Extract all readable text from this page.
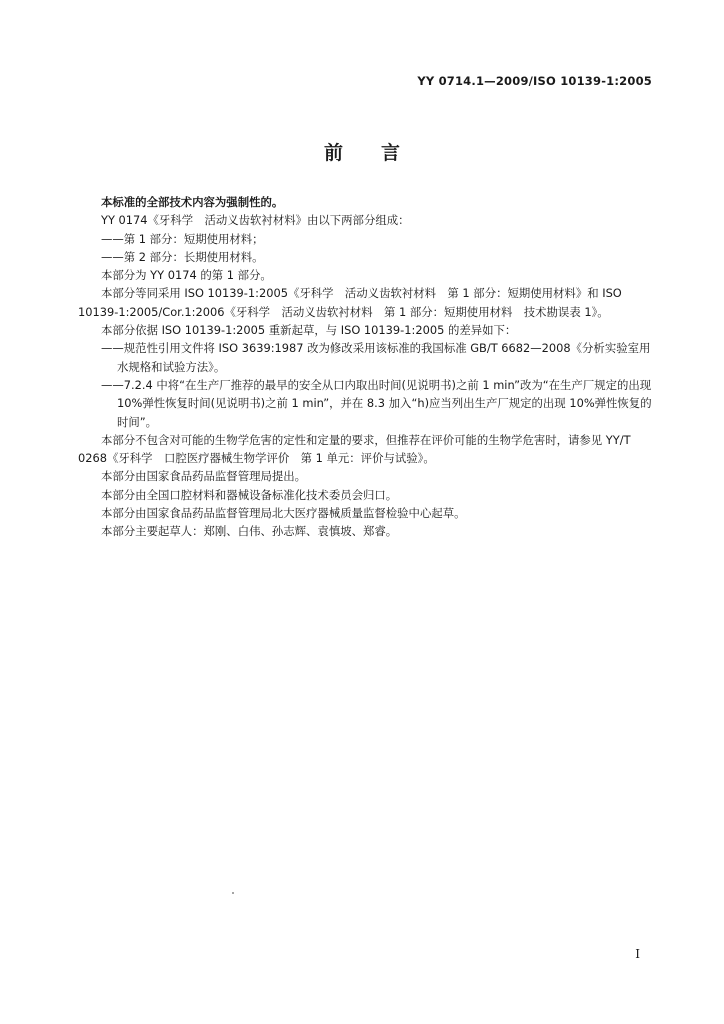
YY 0714.1—2009/ISO 10139-1:2005
前言

本标准的全部技术内容为强制性的。

YY 0174《牙科学　活动义齿软衬材料》由以下两部分组成：

——第 1 部分：短期使用材料；

——第 2 部分：长期使用材料。

本部分为 YY 0174 的第 1 部分。

本部分等同采用 ISO 10139-1:2005《牙科学　活动义齿软衬材料　第 1 部分：短期使用材料》和 ISO 10139-1:2005/Cor.1:2006《牙科学　活动义齿软衬材料　第 1 部分：短期使用材料　技术勘误表 1》。

本部分依据 ISO 10139-1:2005 重新起草，与 ISO 10139-1:2005 的差异如下：

——规范性引用文件将 ISO 3639:1987 改为修改采用该标准的我国标准 GB/T 6682—2008《分析实验室用水规格和试验方法》。

——7.2.4 中将“在生产厂推荐的最早的安全从口内取出时间(见说明书)之前 1 min”改为“在生产厂规定的出现 10%弹性恢复时间(见说明书)之前 1 min”，并在 8.3 加入“h)应当列出生产厂规定的出现 10%弹性恢复的时间”。

本部分不包含对可能的生物学危害的定性和定量的要求，但推荐在评价可能的生物学危害时，请参见 YY/T 0268《牙科学　口腔医疗器械生物学评价　第 1 单元：评价与试验》。

本部分由国家食品药品监督管理局提出。

本部分由全国口腔材料和器械设备标准化技术委员会归口。

本部分由国家食品药品监督管理局北大医疗器械质量监督检验中心起草。

本部分主要起草人：郑刚、白伟、孙志辉、袁慎坡、郑睿。

I
